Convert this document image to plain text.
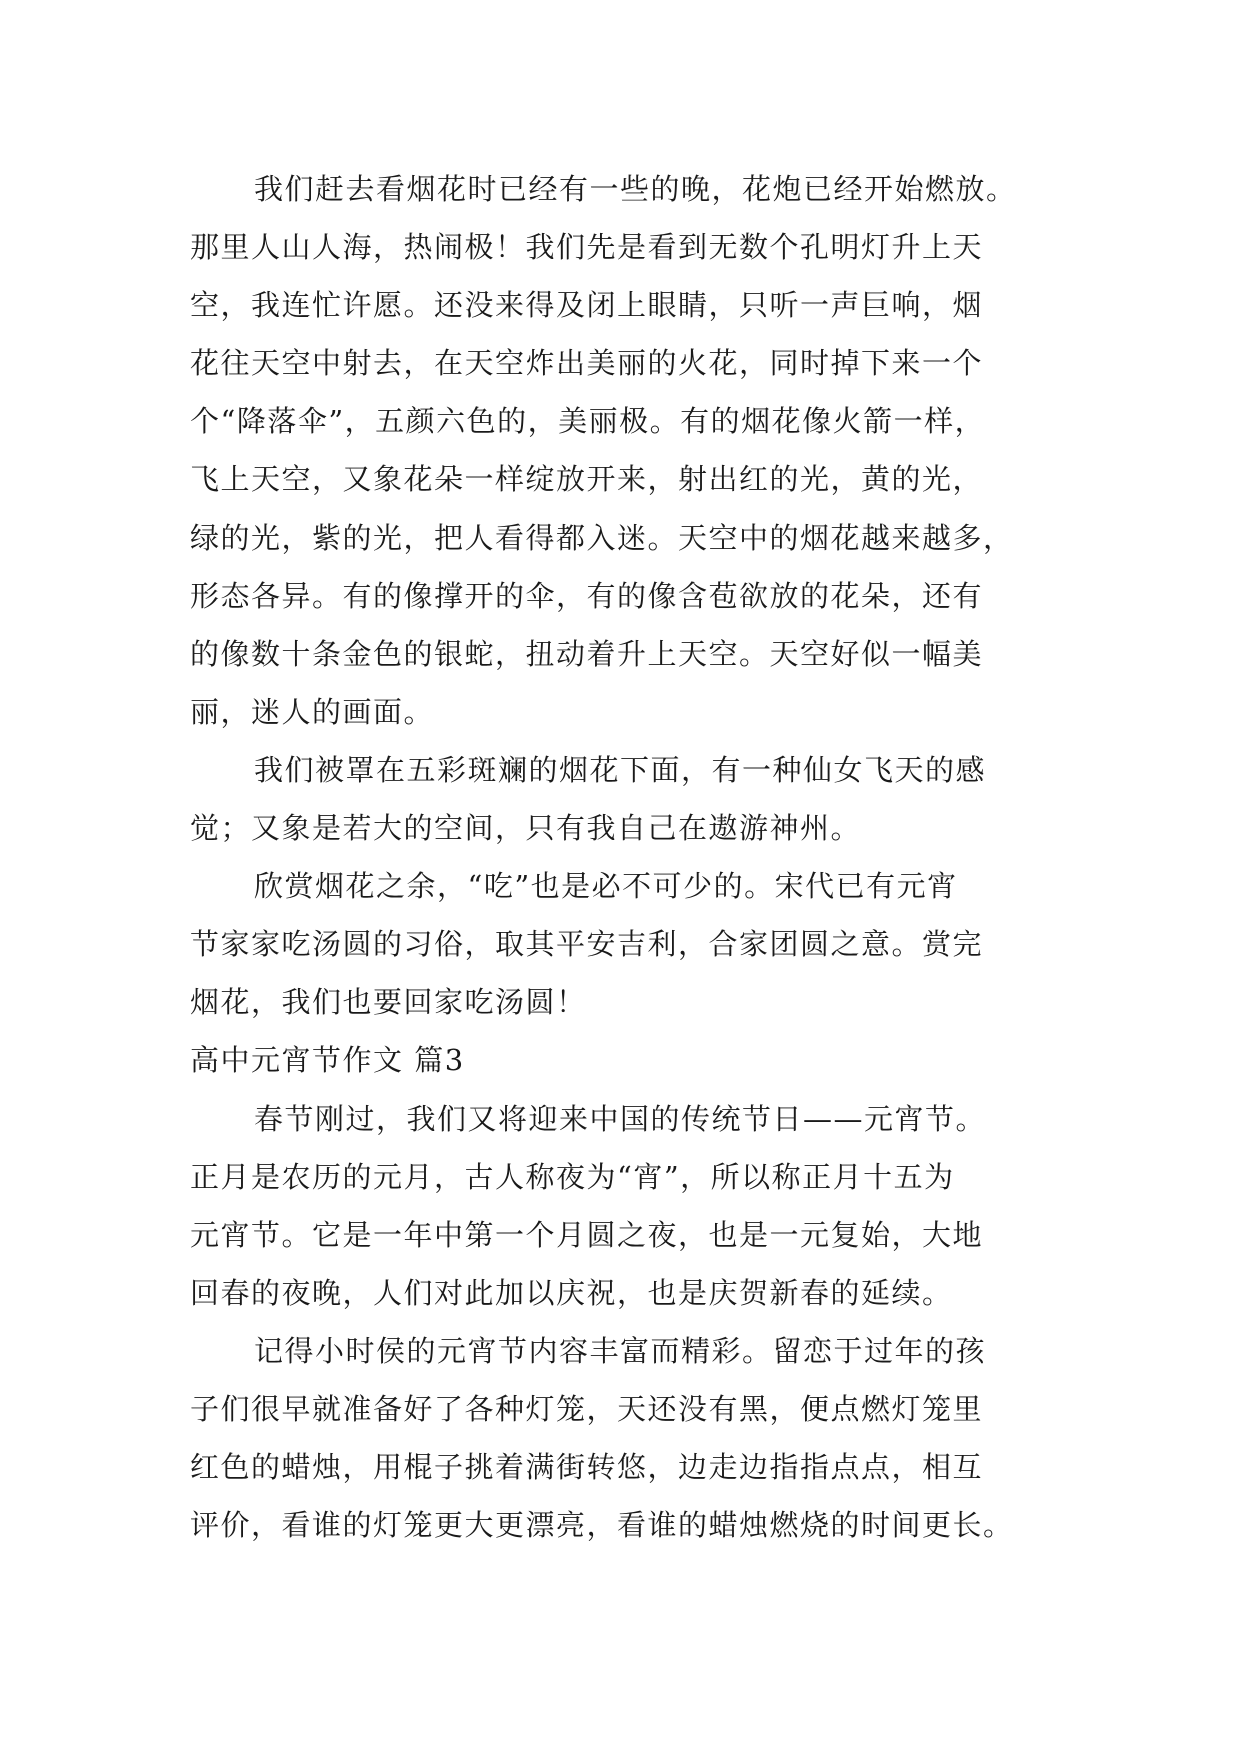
我们赶去看烟花时已经有一些的晚，花炮已经开始燃放。
那里人山人海，热闹极！我们先是看到无数个孔明灯升上天
空，我连忙许愿。还没来得及闭上眼睛，只听一声巨响，烟
花往天空中射去，在天空炸出美丽的火花，同时掉下来一个
个“降落伞”，五颜六色的，美丽极。有的烟花像火箭一样，
飞上天空，又象花朵一样绽放开来，射出红的光，黄的光，
绿的光，紫的光，把人看得都入迷。天空中的烟花越来越多，
形态各异。有的像撑开的伞，有的像含苞欲放的花朵，还有
的像数十条金色的银蛇，扭动着升上天空。天空好似一幅美
丽，迷人的画面。
我们被罩在五彩斑斓的烟花下面，有一种仙女飞天的感
觉；又象是若大的空间，只有我自己在遨游神州。
欣赏烟花之余，“吃”也是必不可少的。宋代已有元宵
节家家吃汤圆的习俗，取其平安吉利，合家团圆之意。赏完
烟花，我们也要回家吃汤圆！
高中元宵节作文 篇3
春节刚过，我们又将迎来中国的传统节日——元宵节。
正月是农历的元月，古人称夜为“宵”，所以称正月十五为
元宵节。它是一年中第一个月圆之夜，也是一元复始，大地
回春的夜晚，人们对此加以庆祝，也是庆贺新春的延续。
记得小时侯的元宵节内容丰富而精彩。留恋于过年的孩
子们很早就准备好了各种灯笼，天还没有黑，便点燃灯笼里
红色的蜡烛，用棍子挑着满街转悠，边走边指指点点，相互
评价，看谁的灯笼更大更漂亮，看谁的蜡烛燃烧的时间更长。
